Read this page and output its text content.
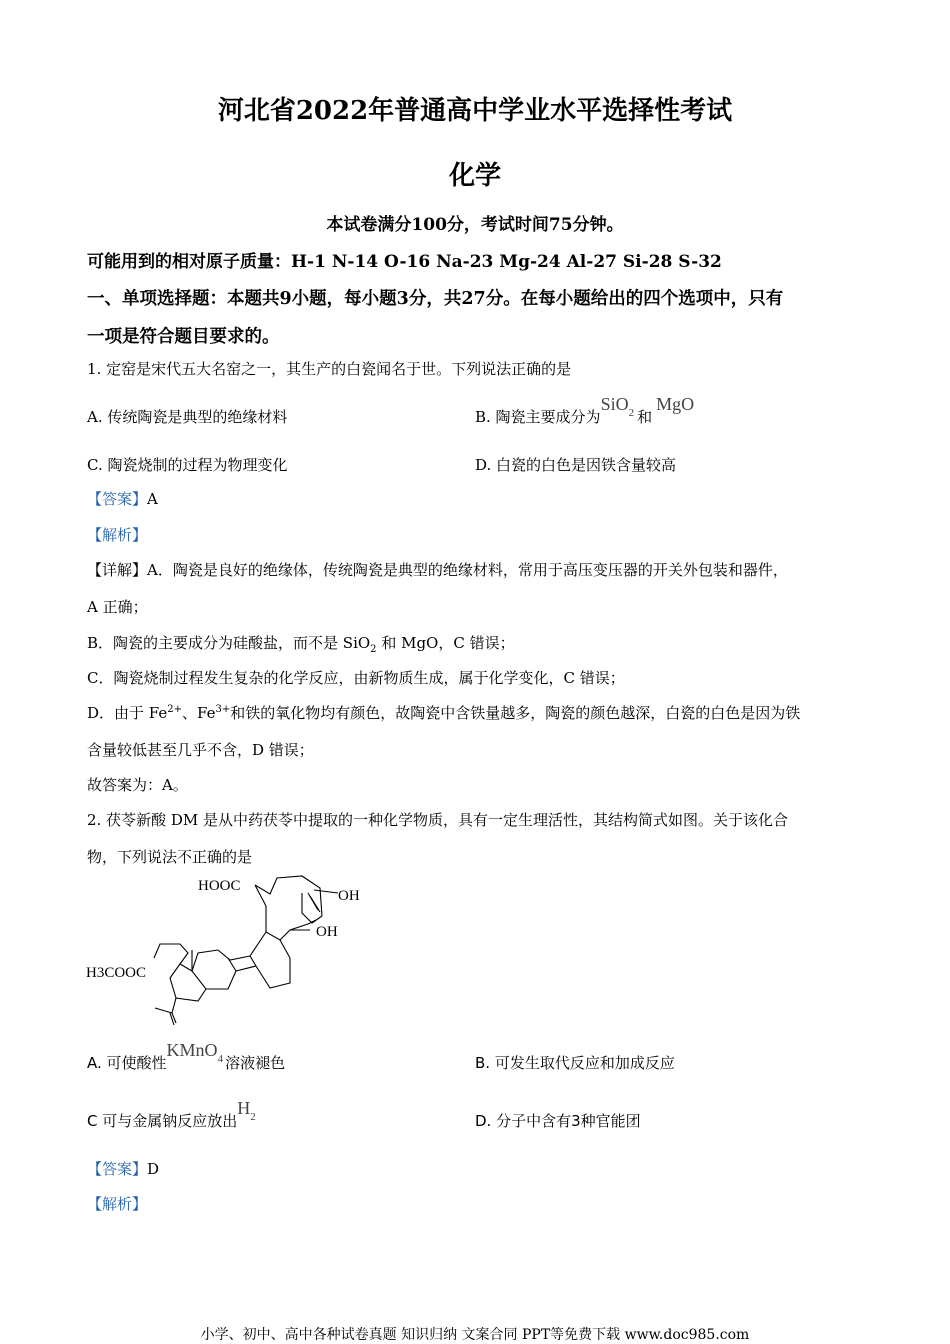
河北省2022年普通高中学业水平选择性考试
化学
本试卷满分100分，考试时间75分钟。
可能用到的相对原子质量：H-1 N-14 O-16 Na-23 Mg-24 Al-27 Si-28 S-32
一、单项选择题：本题共9小题，每小题3分，共27分。在每小题给出的四个选项中，只有
一项是符合题目要求的。
1. 定窑是宋代五大名窑之一，其生产的白瓷闻名于世。下列说法正确的是
A. 传统陶瓷是典型的绝缘材料	B. 陶瓷主要成分为SiO$_2$ 和MgO
C. 陶瓷烧制的过程为物理变化	D. 白瓷的白色是因铁含量较高
【答案】A
【解析】
【详解】A．陶瓷是良好的绝缘体，传统陶瓷是典型的绝缘材料，常用于高压变压器的开关外包装和器件，
A 正确；
B．陶瓷的主要成分为硅酸盐，而不是 SiO$_2$ 和 MgO，C 错误；
C．陶瓷烧制过程发生复杂的化学反应，由新物质生成，属于化学变化，C 错误；
D．由于 $Fe^{2+}$、$Fe^{3+}$和铁的氧化物均有颜色，故陶瓷中含铁量越多，陶瓷的颜色越深，白瓷的白色是因为铁
含量较低甚至几乎不含，D 错误；
故答案为：A。
2. 茯苓新酸 DM 是从中药茯苓中提取的一种化学物质，具有一定生理活性，其结构简式如图。关于该化合
物，下列说法不正确的是
HOOC
OH
OH
H3COOC
A. 可使酸性KMnO$_4$ 溶液褪色	B. 可发生取代反应和加成反应
C 可与金属钠反应放出$H_2$	D. 分子中含有3种官能团
【答案】D
【解析】
小学、初中、高中各种试卷真题 知识归纳 文案合同 PPT等免费下载 www.doc985.com
